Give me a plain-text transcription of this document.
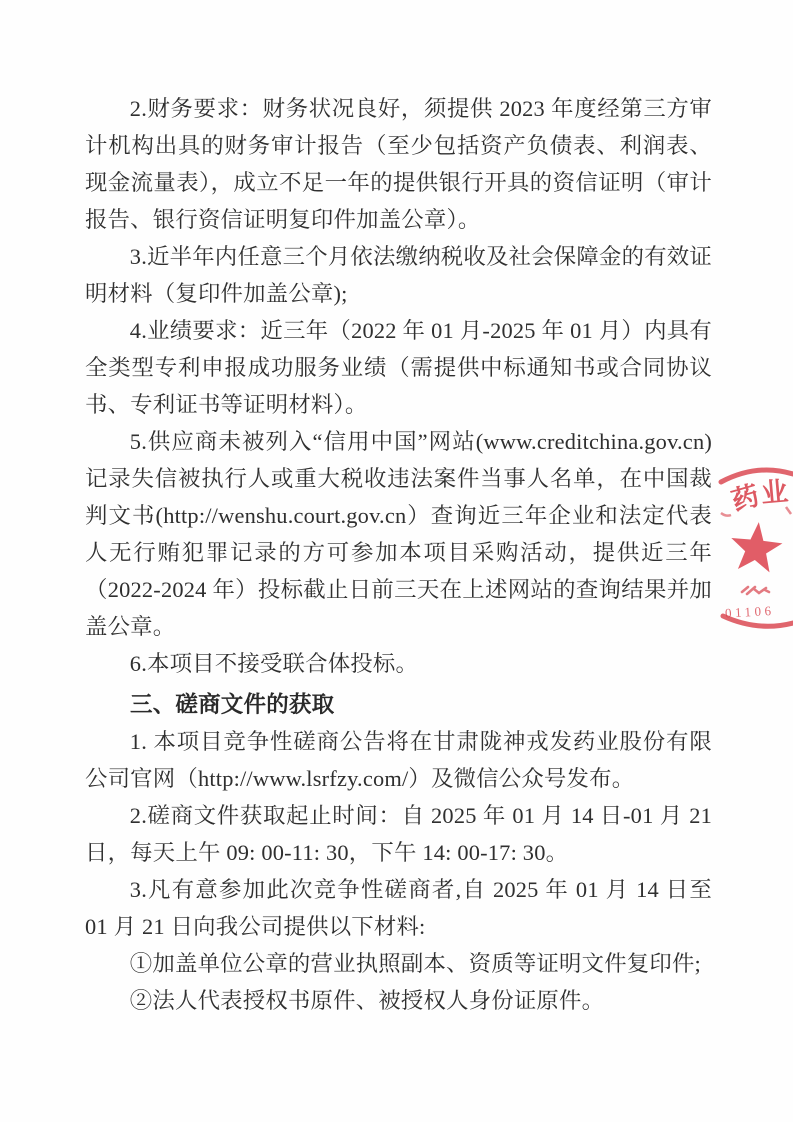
2.财务要求：财务状况良好，须提供 2023 年度经第三方审计机构出具的财务审计报告（至少包括资产负债表、利润表、现金流量表），成立不足一年的提供银行开具的资信证明（审计报告、银行资信证明复印件加盖公章）。

3.近半年内任意三个月依法缴纳税收及社会保障金的有效证明材料（复印件加盖公章);

4.业绩要求：近三年（2022 年 01 月-2025 年 01 月）内具有全类型专利申报成功服务业绩（需提供中标通知书或合同协议书、专利证书等证明材料）。

5.供应商未被列入“信用中国”网站(www.creditchina.gov.cn)记录失信被执行人或重大税收违法案件当事人名单，在中国裁判文书(http://wenshu.court.gov.cn）查询近三年企业和法定代表人无行贿犯罪记录的方可参加本项目采购活动，提供近三年（2022-2024 年）投标截止日前三天在上述网站的查询结果并加盖公章。

6.本项目不接受联合体投标。

三、磋商文件的获取

1. 本项目竞争性磋商公告将在甘肃陇神戎发药业股份有限公司官网（http://www.lsrfzy.com/）及微信公众号发布。

2.磋商文件获取起止时间：自 2025 年 01 月 14 日-01 月 21 日，每天上午 09: 00-11: 30，下午 14: 00-17: 30。

3.凡有意参加此次竞争性磋商者,自 2025 年 01 月 14 日至 01 月 21 日向我公司提供以下材料:

①加盖单位公章的营业执照副本、资质等证明文件复印件;

②法人代表授权书原件、被授权人身份证原件。

药
业
01106
